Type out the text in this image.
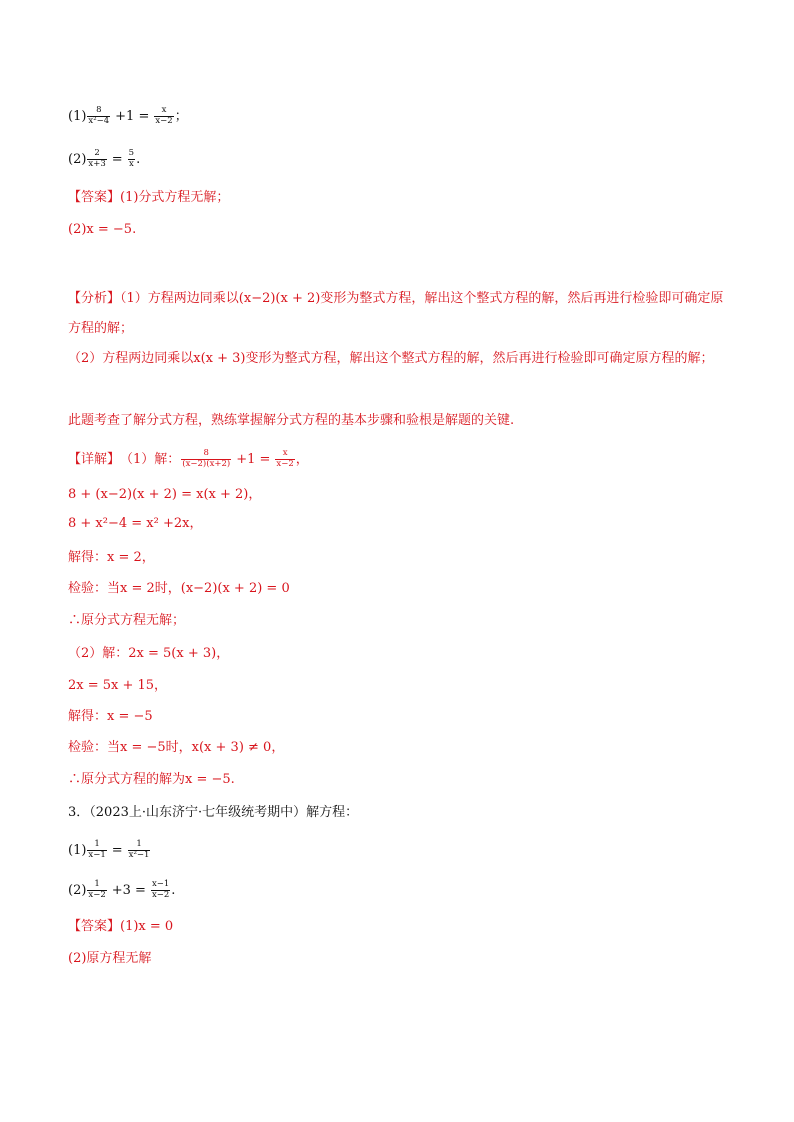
$(1) \frac{8}{\text{x²−4}} +1 = \frac{x}{x-2}$ ；
$(2) \frac{2}{x+3} = \frac{5}{x}$ .
【答案】 (1)分式方程无解；
(2)x = −5.
【分析】（1）方程两边同乘以(x−2)(x + 2)变形为整式方程，解出这个整式方程的解，然后再进行检验即可确定原方程的解；
（2）方程两边同乘以x(x + 3)变形为整式方程，解出这个整式方程的解，然后再进行检验即可确定原方程的解；
此题考查了解分式方程，熟练掌握解分式方程的基本步骤和验根是解题的关键.
【详解】 （1）解： $\frac{8}{(x-2)(x+2)} +1 = \frac{x}{x-2}$ ，
8 + (x−2)(x + 2) = x(x + 2)，
8 + x²−4 = x² +2x，
解得：x = 2，
检验：当x = 2时，(x−2)(x + 2) = 0
∴原分式方程无解；
（2）解：2x = 5(x + 3)，
2x = 5x + 15，
解得：x = −5
检验：当x = −5时，x(x + 3) ≠ 0，
∴原分式方程的解为x = −5.
3．（2023上·山东济宁·七年级统考期中）解方程：
$(1) \frac{1}{x-1} = \frac{1}{\text{x²−1}}$
$(2) \frac{1}{x-2} +3 = \frac{x-1}{x-2}$ .
【答案】 (1)x = 0
(2)原方程无解
